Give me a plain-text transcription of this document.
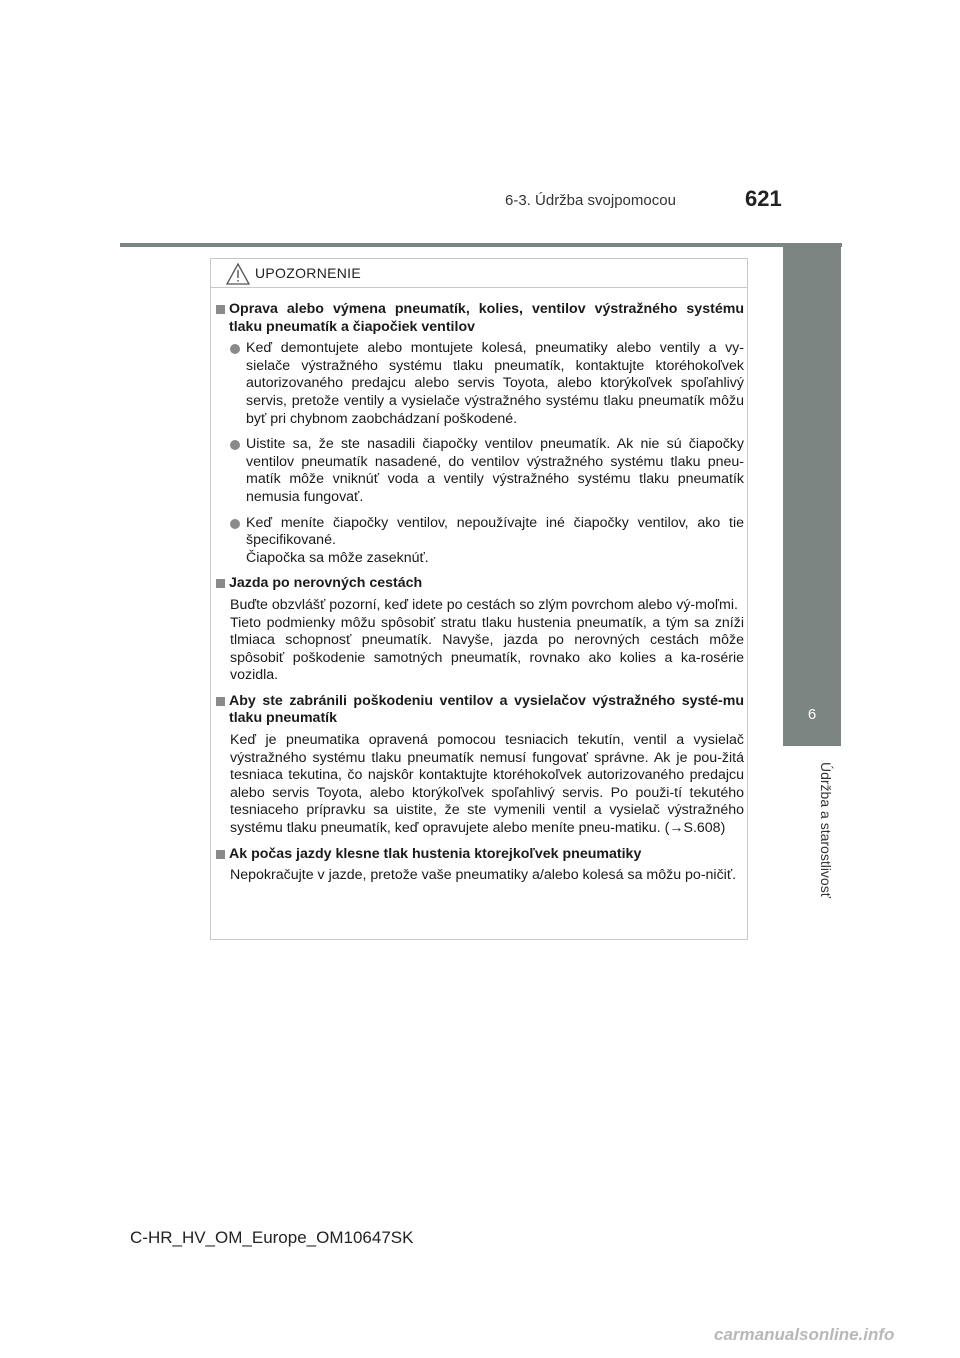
6-3. Údržba svojpomocou	621
6
Údržba a starostlivosť
UPOZORNENIE
Oprava alebo výmena pneumatík, kolies, ventilov výstražného systému tlaku pneumatík a čiapočiek ventilov
Keď demontujete alebo montujete kolesá, pneumatiky alebo ventily a vy-sielače výstražného systému tlaku pneumatík, kontaktujte ktoréhokoľvek autorizovaného predajcu alebo servis Toyota, alebo ktorýkoľvek spoľahlivý servis, pretože ventily a vysielače výstražného systému tlaku pneumatík môžu byť pri chybnom zaobchádzaní poškodené.
Uistite sa, že ste nasadili čiapočky ventilov pneumatík. Ak nie sú čiapočky ventilov pneumatík nasadené, do ventilov výstražného systému tlaku pneu-matík môže vniknúť voda a ventily výstražného systému tlaku pneumatík nemusia fungovať.
Keď meníte čiapočky ventilov, nepoužívajte iné čiapočky ventilov, ako tie špecifikované.
Čiapočka sa môže zaseknúť.
Jazda po nerovných cestách
Buďte obzvlášť pozorní, keď idete po cestách so zlým povrchom alebo vý-moľmi.
Tieto podmienky môžu spôsobiť stratu tlaku hustenia pneumatík, a tým sa zníži tlmiaca schopnosť pneumatík. Navyše, jazda po nerovných cestách môže spôsobiť poškodenie samotných pneumatík, rovnako ako kolies a ka-rosérie vozidla.
Aby ste zabránili poškodeniu ventilov a vysielačov výstražného systé-mu tlaku pneumatík
Keď je pneumatika opravená pomocou tesniacich tekutín, ventil a vysielač výstražného systému tlaku pneumatík nemusí fungovať správne. Ak je pou-žitá tesniaca tekutina, čo najskôr kontaktujte ktoréhokoľvek autorizovaného predajcu alebo servis Toyota, alebo ktorýkoľvek spoľahlivý servis. Po použi-tí tekutého tesniaceho prípravku sa uistite, že ste vymenili ventil a vysielač výstražného systému tlaku pneumatík, keď opravujete alebo meníte pneu-matiku. (→S.608)
Ak počas jazdy klesne tlak hustenia ktorejkoľvek pneumatiky
Nepokračujte v jazde, pretože vaše pneumatiky a/alebo kolesá sa môžu po-ničiť.
C-HR_HV_OM_Europe_OM10647SK
carmanualsonline.info
